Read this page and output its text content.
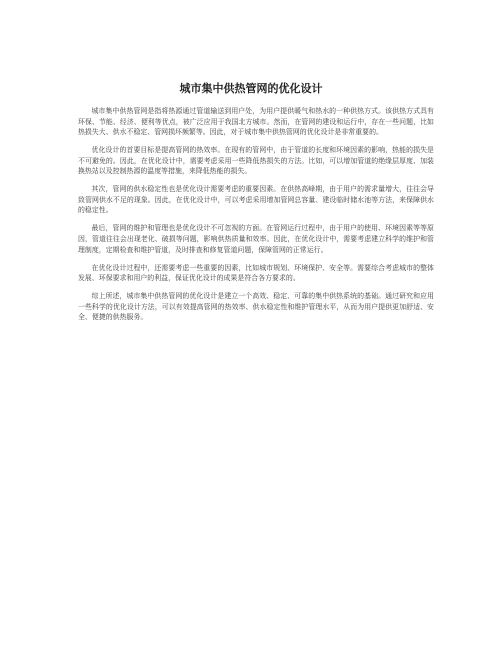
城市集中供热管网的优化设计

城市集中供热管网是指将热源通过管道输送到用户处，为用户提供暖气和热水的一种供热方式。该供热方式具有环保、节能、经济、便利等优点，被广泛应用于我国北方城市。然而，在管网的建设和运行中，存在一些问题，比如热损失大、供水不稳定、管网损坏频繁等。因此，对于城市集中供热管网的优化设计是非常重要的。

优化设计的首要目标是提高管网的热效率。在现有的管网中，由于管道的长度和环境因素的影响，热能的损失是不可避免的。因此，在优化设计中，需要考虑采用一些降低热损失的方法。比如，可以增加管道的绝缘层厚度、加装换热站以及控制热源的温度等措施，来降低热能的损失。

其次，管网的供水稳定性也是优化设计需要考虑的重要因素。在供热高峰期，由于用户的需求量增大，往往会导致管网供水不足的现象。因此，在优化设计中，可以考虑采用增加管网总容量、建设临时储水池等方法，来保障供水的稳定性。

最后，管网的维护和管理也是优化设计不可忽视的方面。在管网运行过程中，由于用户的使用、环境因素等等原因，管道往往会出现老化、破损等问题，影响供热质量和效率。因此，在优化设计中，需要考虑建立科学的维护和管理制度，定期检查和维护管道，及时排查和修复管道问题，保障管网的正常运行。

在优化设计过程中，还需要考虑一些重要的因素，比如城市规划、环境保护、安全等。需要综合考虑城市的整体发展、环保要求和用户的利益，保证优化设计的成果是符合各方要求的。

综上所述，城市集中供热管网的优化设计是建立一个高效、稳定、可靠的集中供热系统的基础。通过研究和应用一些科学的优化设计方法，可以有效提高管网的热效率、供水稳定性和维护管理水平，从而为用户提供更加舒适、安全、便捷的供热服务。
